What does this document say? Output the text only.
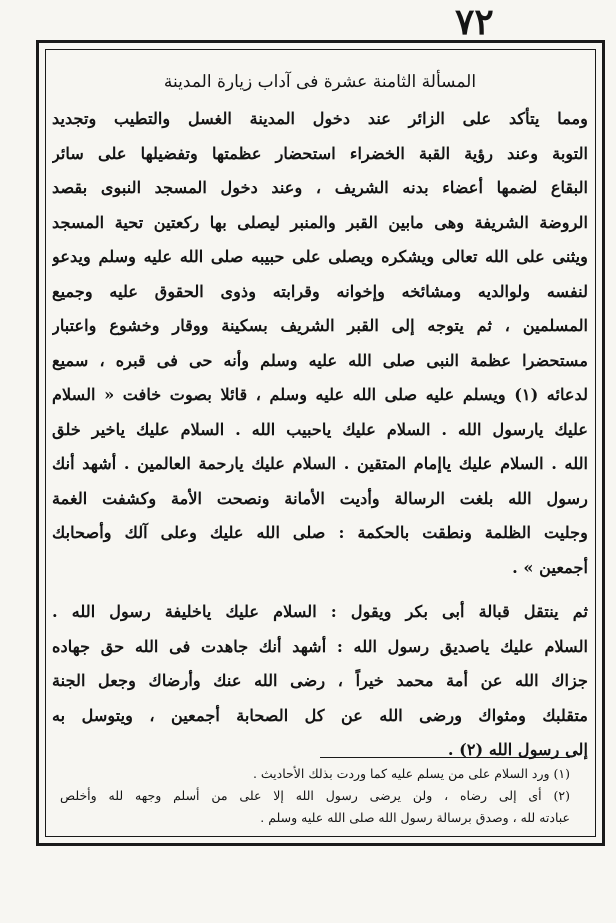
٧٢
المسألة الثامنة عشرة فى آداب زيارة المدينة
ومما يتأكد على الزائر عند دخول المدينة الغسل والتطيب وتجديد
التوبة وعند رؤية القبة الخضراء استحضار عظمتها وتفضيلها على سائر
البقاع لضمها أعضاء بدنه الشريف ، وعند دخول المسجد النبوى بقصد
الروضة الشريفة وهى مابين القبر والمنبر ليصلى بها ركعتين تحية المسجد
ويثنى على الله تعالى ويشكره ويصلى على حبيبه صلى الله عليه وسلم ويدعو
لنفسه ولوالديه ومشائخه وإخوانه وقرابته وذوى الحقوق عليه وجميع
المسلمين ، ثم يتوجه إلى القبر الشريف بسكينة ووقار وخشوع واعتبار
مستحضرا عظمة النبى صلى الله عليه وسلم وأنه حى فى قبره ، سميع
لدعائه (١) ويسلم عليه صلى الله عليه وسلم ، قائلا بصوت خافت « السلام
عليك يارسول الله . السلام عليك ياحبيب الله . السلام عليك ياخير خلق
الله . السلام عليك ياإمام المتقين . السلام عليك يارحمة العالمين . أشهد أنك
رسول الله بلغت الرسالة وأديت الأمانة ونصحت الأمة وكشفت الغمة
وجليت الظلمة ونطقت بالحكمة : صلى الله عليك وعلى آلك وأصحابك
أجمعين » .
ثم ينتقل قبالة أبى بكر ويقول : السلام عليك ياخليفة رسول الله .
السلام عليك ياصديق رسول الله : أشهد أنك جاهدت فى الله حق جهاده
جزاك الله عن أمة محمد خيراً ، رضى الله عنك وأرضاك وجعل الجنة
متقلبك ومثواك ورضى الله عن كل الصحابة أجمعين ، ويتوسل به
إلى رسول الله (٢) .
(١) ورد السلام على من يسلم عليه كما وردت بذلك الأحاديث .
(٢) أى إلى رضاه ، ولن يرضى رسول الله إلا على من أسلم وجهه لله وأخلص
عبادته لله ، وصدق برسالة رسول الله صلى الله عليه وسلم .
